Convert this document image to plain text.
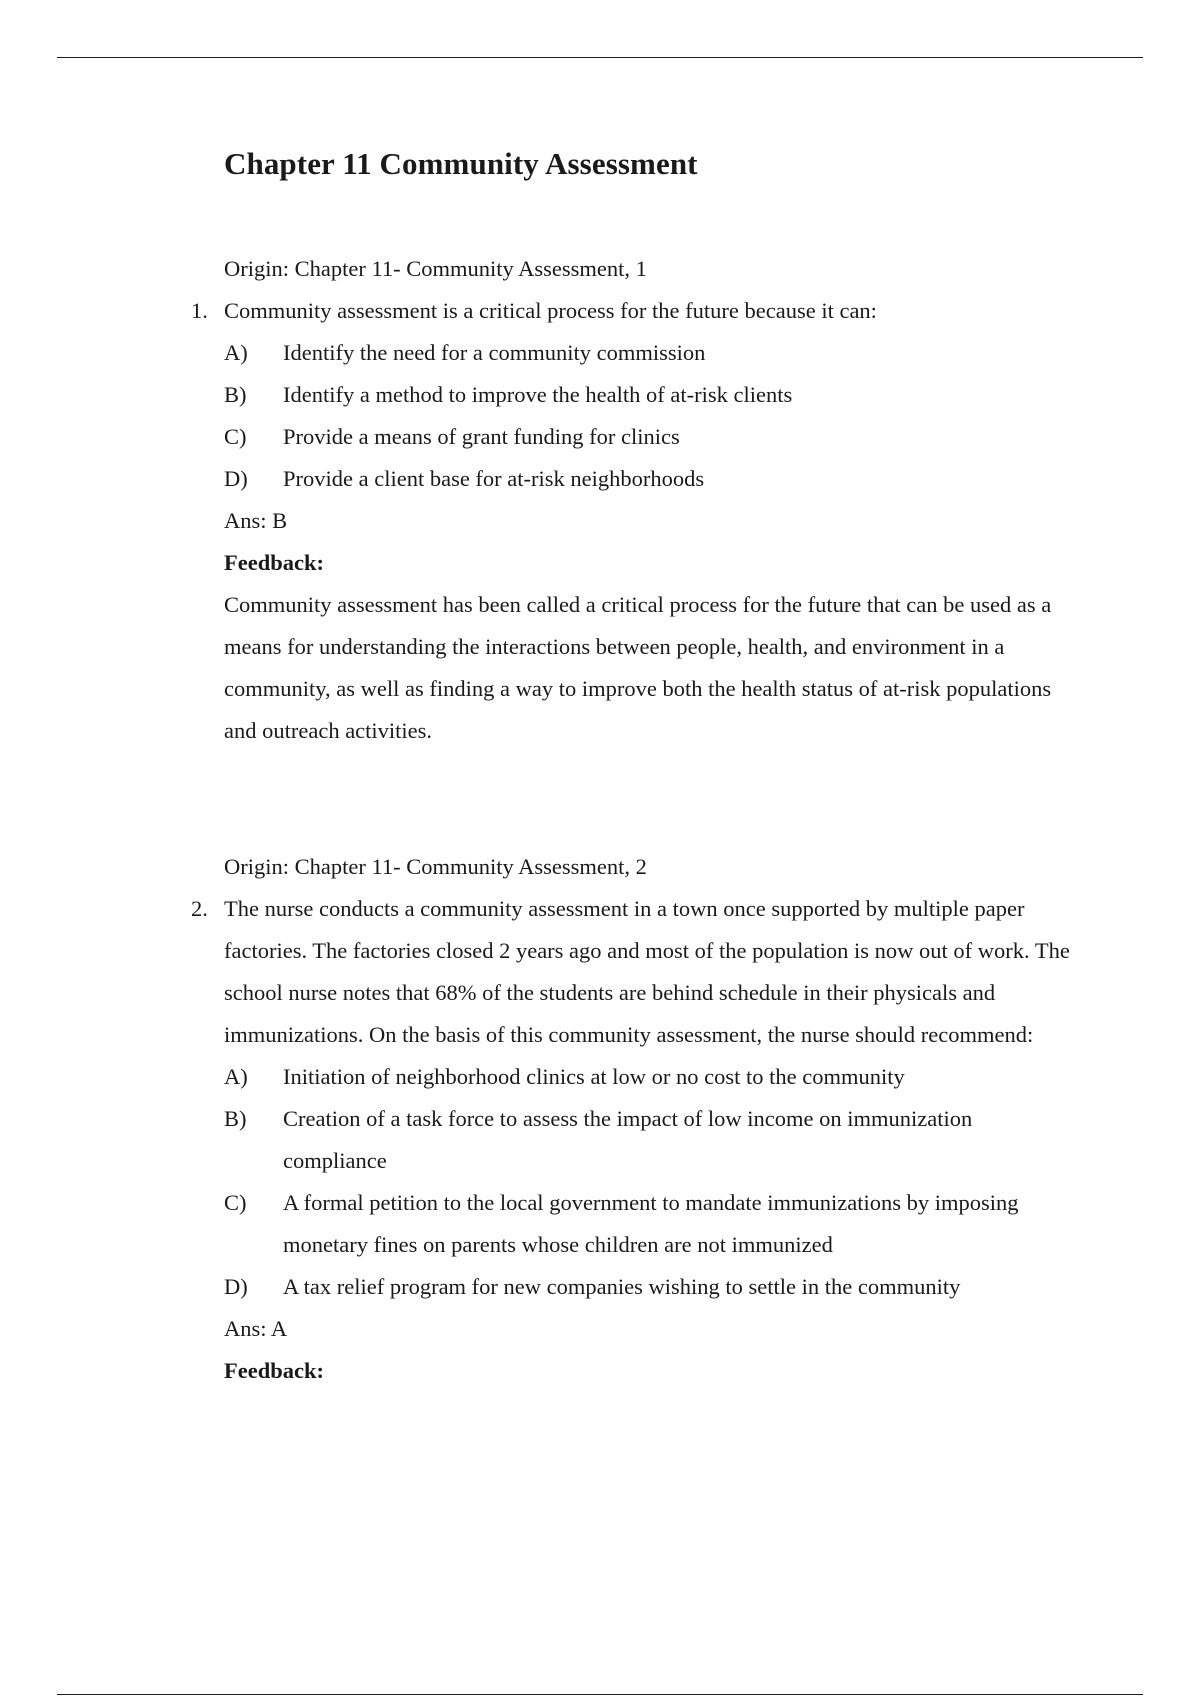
Chapter 11 Community Assessment
Origin: Chapter 11- Community Assessment, 1
1. Community assessment is a critical process for the future because it can:
A) Identify the need for a community commission
B) Identify a method to improve the health of at-risk clients
C) Provide a means of grant funding for clinics
D) Provide a client base for at-risk neighborhoods
Ans: B
Feedback:
Community assessment has been called a critical process for the future that can be used as a means for understanding the interactions between people, health, and environment in a community, as well as finding a way to improve both the health status of at-risk populations and outreach activities.
Origin: Chapter 11- Community Assessment, 2
2. The nurse conducts a community assessment in a town once supported by multiple paper factories. The factories closed 2 years ago and most of the population is now out of work. The school nurse notes that 68% of the students are behind schedule in their physicals and immunizations. On the basis of this community assessment, the nurse should recommend:
A) Initiation of neighborhood clinics at low or no cost to the community
B) Creation of a task force to assess the impact of low income on immunization compliance
C) A formal petition to the local government to mandate immunizations by imposing monetary fines on parents whose children are not immunized
D) A tax relief program for new companies wishing to settle in the community
Ans: A
Feedback:
